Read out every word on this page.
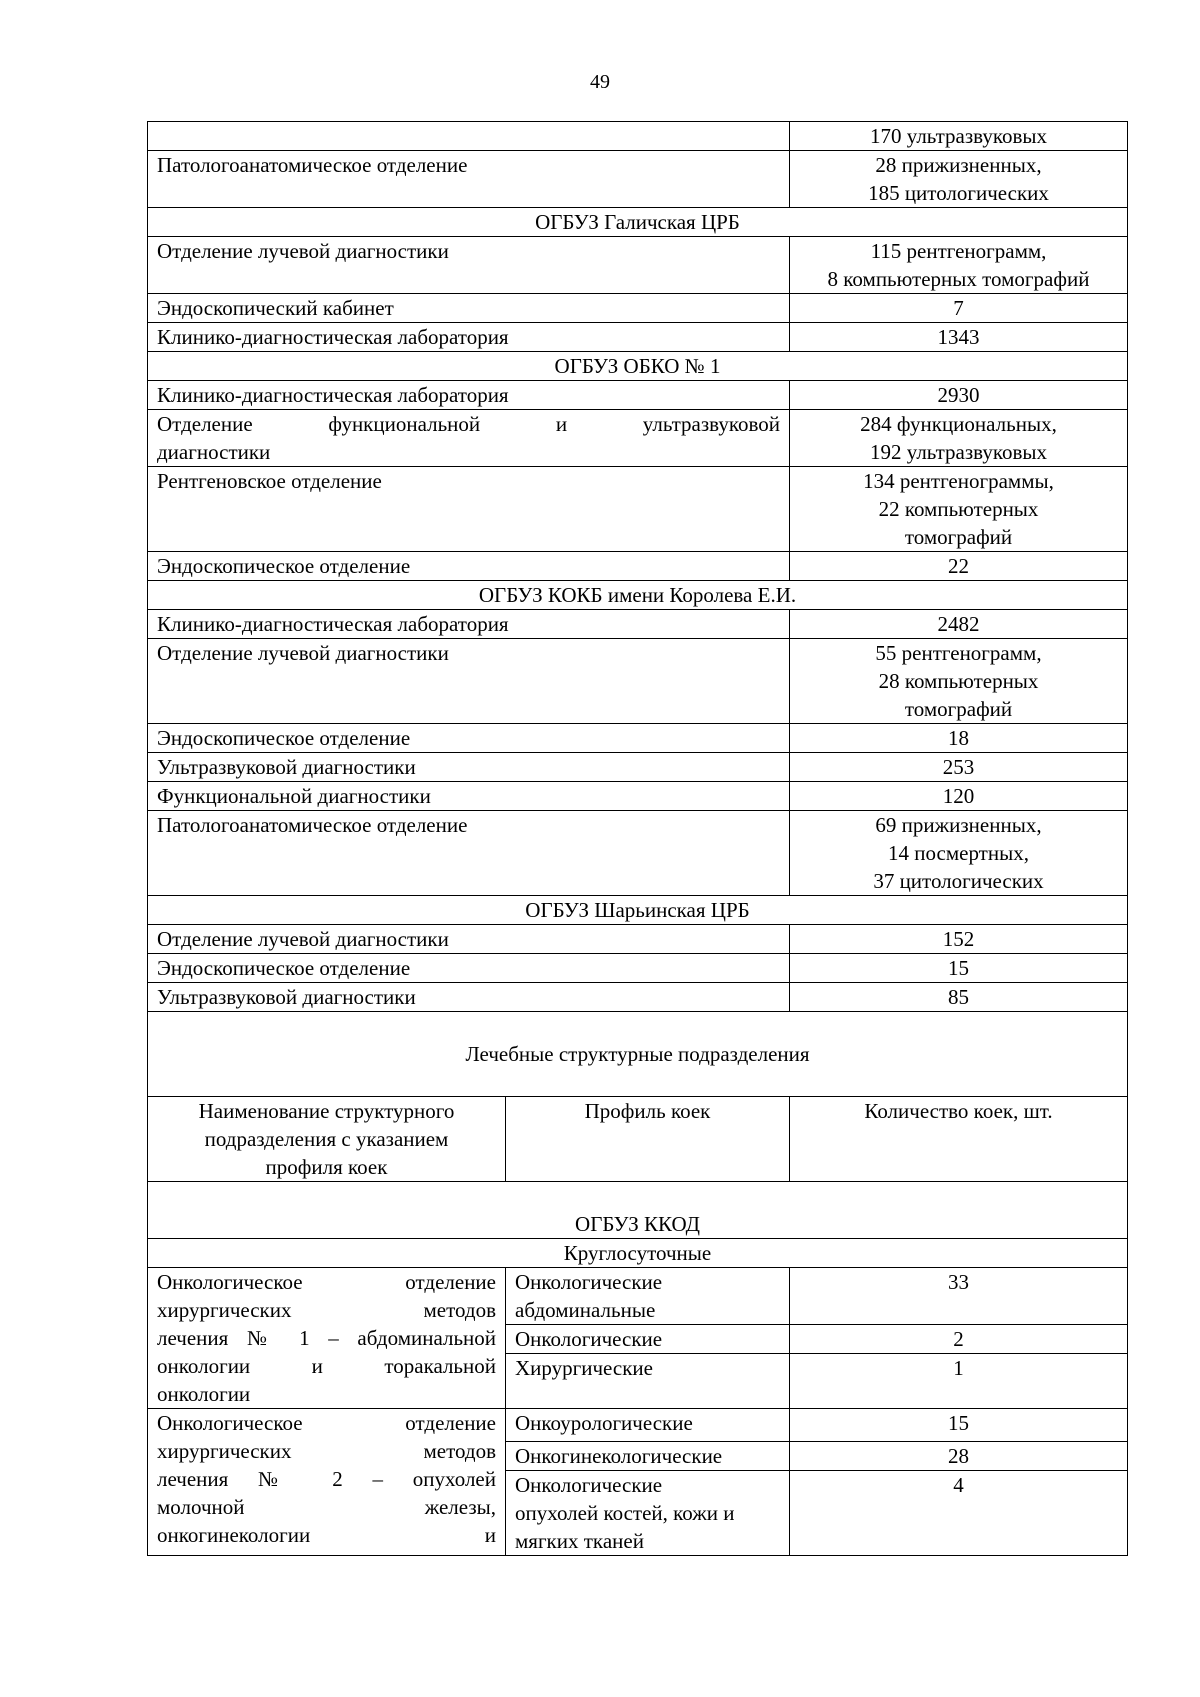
49
		170 ультразвуковых
Патологоанатомическое отделение		28 прижизненных,
185 цитологических

ОГБУЗ Галичская ЦРБ		
Отделение лучевой диагностики		115 рентгенограмм,
8 компьютерных томографий

Эндоскопический кабинет		7
Клинико-диагностическая лаборатория		1343
ОГБУЗ ОБКО № 1		
Клинико-диагностическая лаборатория		2930

Отделение функциональной и ультразвуковой
диагностики		284 функциональных,
192 ультразвуковых

Рентгеновское отделение		134 рентгенограммы,
22 компьютерных
томографий

Эндоскопическое отделение		22
ОГБУЗ КОКБ имени Королева Е.И.		
Клинико-диагностическая лаборатория		2482
Отделение лучевой диагностики		55 рентгенограмм,
28 компьютерных
томографий

Эндоскопическое отделение		18
Ультразвуковой диагностики		253
Функциональной диагностики		120
Патологоанатомическое отделение		69 прижизненных,
14 посмертных,
37 цитологических

ОГБУЗ Шарьинская ЦРБ		
Отделение лучевой диагностики		152
Эндоскопическое отделение		15
Ультразвуковой диагностики		85
Лечебные структурные подразделения		

Наименование структурного
подразделения с указанием
профиля коек	Профиль коек	Количество коек, шт.
ОГБУЗ ККОД		
Круглосуточные		

Онкологическое отделение
хирургических методов
лечения № 1 – абдоминальной
онкологии и торакальной
онкологии	Онкологические
абдоминальные	33
	Онкологические	2
	Хирургические	1

Онкологическое отделение
хирургических методов
лечения № 2 – опухолей
молочной железы,
онкогинекологии и	Онкоурологические	15
	Онкогинекологические	28

	Онкологические
опухолей костей, кожи и
мягких тканей	4
